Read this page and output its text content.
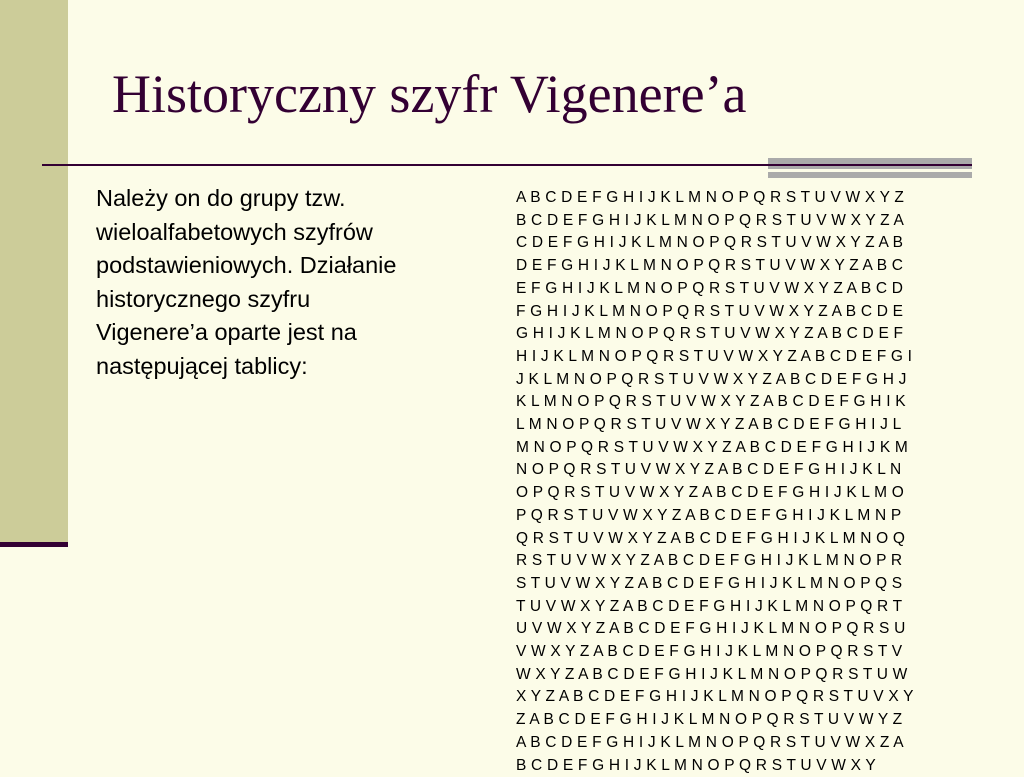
Historyczny szyfr Vigenere’a

Należy on do grupy tzw.
wieloalfabetowych szyfrów
podstawieniowych. Działanie
historycznego szyfru
Vigenere’a oparte jest na
następującej tablicy:

A B C D E F G H I J K L M N O P Q R S T U V W X Y Z
B C D E F G H I J K L M N O P Q R S T U V W X Y Z A
C D E F G H I J K L M N O P Q R S T U V W X Y Z A B
D E F G H I J K L M N O P Q R S T U V W X Y Z A B C
E F G H I J K L M N O P Q R S T U V W X Y Z A B C D
F G H I J K L M N O P Q R S T U V W X Y Z A B C D E
G H I J K L M N O P Q R S T U V W X Y Z A B C D E F
H I J K L M N O P Q R S T U V W X Y Z A B C D E F G I
J K L M N O P Q R S T U V W X Y Z A B C D E F G H J
K L M N O P Q R S T U V W X Y Z A B C D E F G H I K
L M N O P Q R S T U V W X Y Z A B C D E F G H I J L
M N O P Q R S T U V W X Y Z A B C D E F G H I J K M
N O P Q R S T U V W X Y Z A B C D E F G H I J K L N
O P Q R S T U V W X Y Z A B C D E F G H I J K L M O
P Q R S T U V W X Y Z A B C D E F G H I J K L M N P
Q R S T U V W X Y Z A B C D E F G H I J K L M N O Q
R S T U V W X Y Z A B C D E F G H I J K L M N O P R
S T U V W X Y Z A B C D E F G H I J K L M N O P Q S
T U V W X Y Z A B C D E F G H I J K L M N O P Q R T
U V W X Y Z A B C D E F G H I J K L M N O P Q R S U
V W X Y Z A B C D E F G H I J K L M N O P Q R S T V
W X Y Z A B C D E F G H I J K L M N O P Q R S T U W
X Y Z A B C D E F G H I J K L M N O P Q R S T U V X Y
Z A B C D E F G H I J K L M N O P Q R S T U V W Y Z
A B C D E F G H I J K L M N O P Q R S T U V W X Z A
B C D E F G H I J K L M N O P Q R S T U V W X Y
